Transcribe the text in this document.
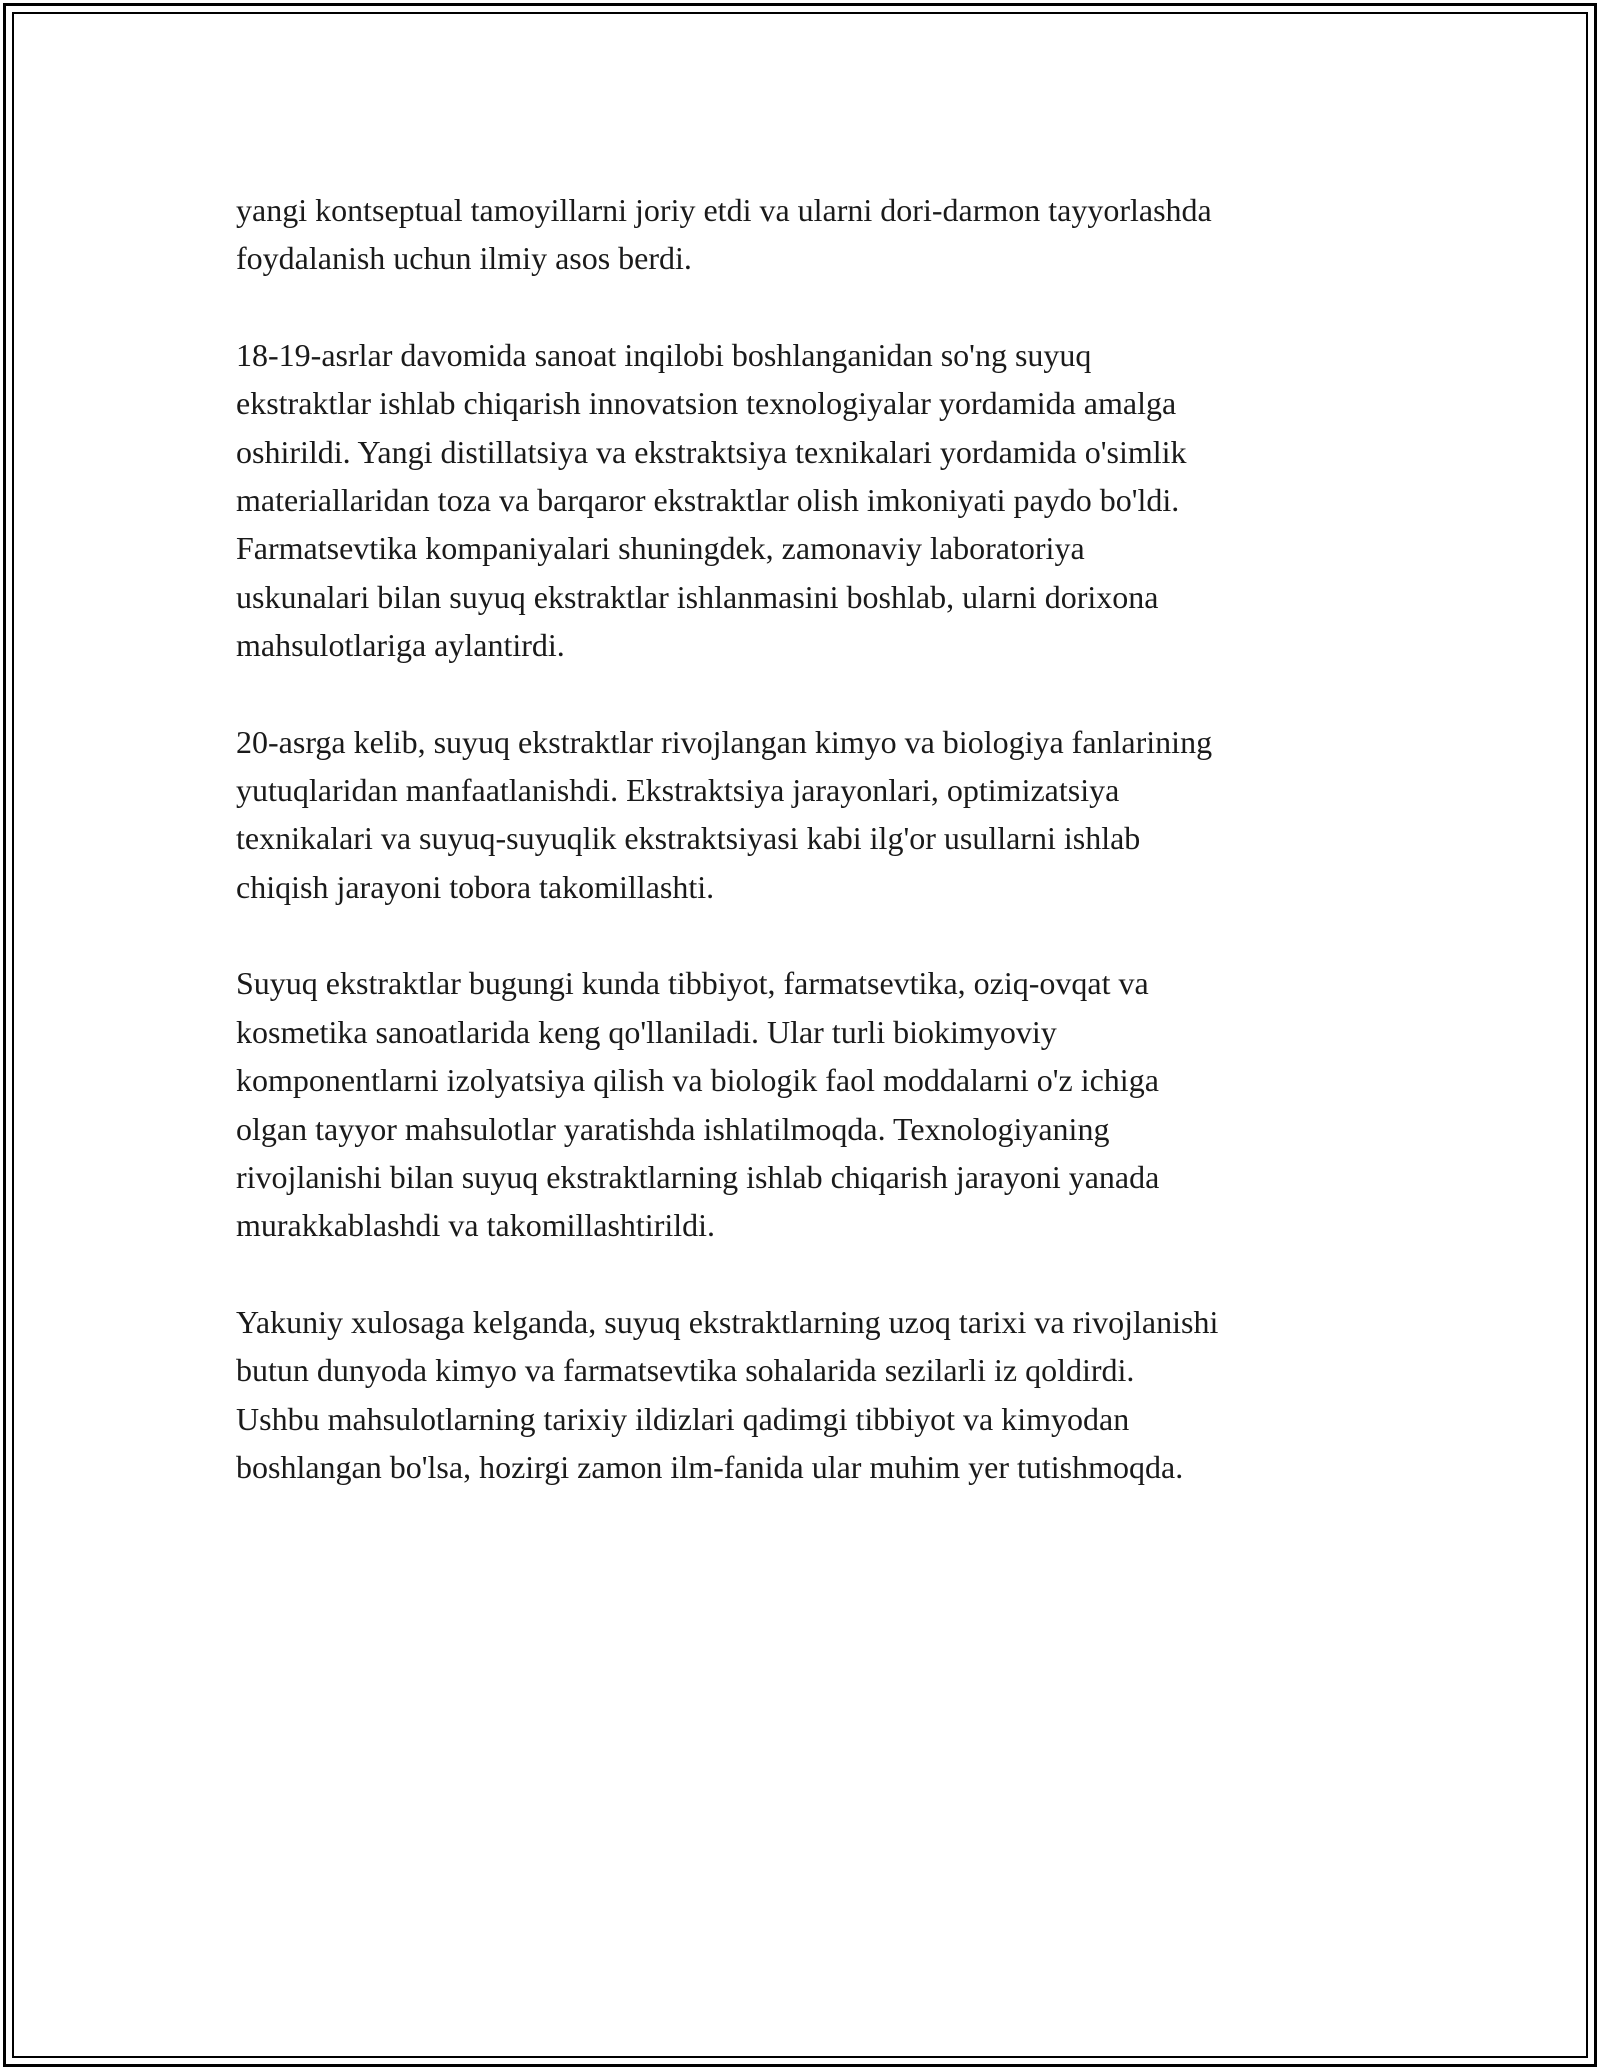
yangi kontseptual tamoyillarni joriy etdi va ularni dori-darmon tayyorlashda
foydalanish uchun ilmiy asos berdi.

18-19-asrlar davomida sanoat inqilobi boshlanganidan so'ng suyuq
ekstraktlar ishlab chiqarish innovatsion texnologiyalar yordamida amalga
oshirildi. Yangi distillatsiya va ekstraktsiya texnikalari yordamida o'simlik
materiallaridan toza va barqaror ekstraktlar olish imkoniyati paydo bo'ldi.
Farmatsevtika kompaniyalari shuningdek, zamonaviy laboratoriya
uskunalari bilan suyuq ekstraktlar ishlanmasini boshlab, ularni dorixona
mahsulotlariga aylantirdi.

20-asrga kelib, suyuq ekstraktlar rivojlangan kimyo va biologiya fanlarining
yutuqlaridan manfaatlanishdi. Ekstraktsiya jarayonlari, optimizatsiya
texnikalari va suyuq-suyuqlik ekstraktsiyasi kabi ilg'or usullarni ishlab
chiqish jarayoni tobora takomillashti.

Suyuq ekstraktlar bugungi kunda tibbiyot, farmatsevtika, oziq-ovqat va
kosmetika sanoatlarida keng qo'llaniladi. Ular turli biokimyoviy
komponentlarni izolyatsiya qilish va biologik faol moddalarni o'z ichiga
olgan tayyor mahsulotlar yaratishda ishlatilmoqda. Texnologiyaning
rivojlanishi bilan suyuq ekstraktlarning ishlab chiqarish jarayoni yanada
murakkablashdi va takomillashtirildi.

Yakuniy xulosaga kelganda, suyuq ekstraktlarning uzoq tarixi va rivojlanishi
butun dunyoda kimyo va farmatsevtika sohalarida sezilarli iz qoldirdi.
Ushbu mahsulotlarning tarixiy ildizlari qadimgi tibbiyot va kimyodan
boshlangan bo'lsa, hozirgi zamon ilm-fanida ular muhim yer tutishmoqda.
